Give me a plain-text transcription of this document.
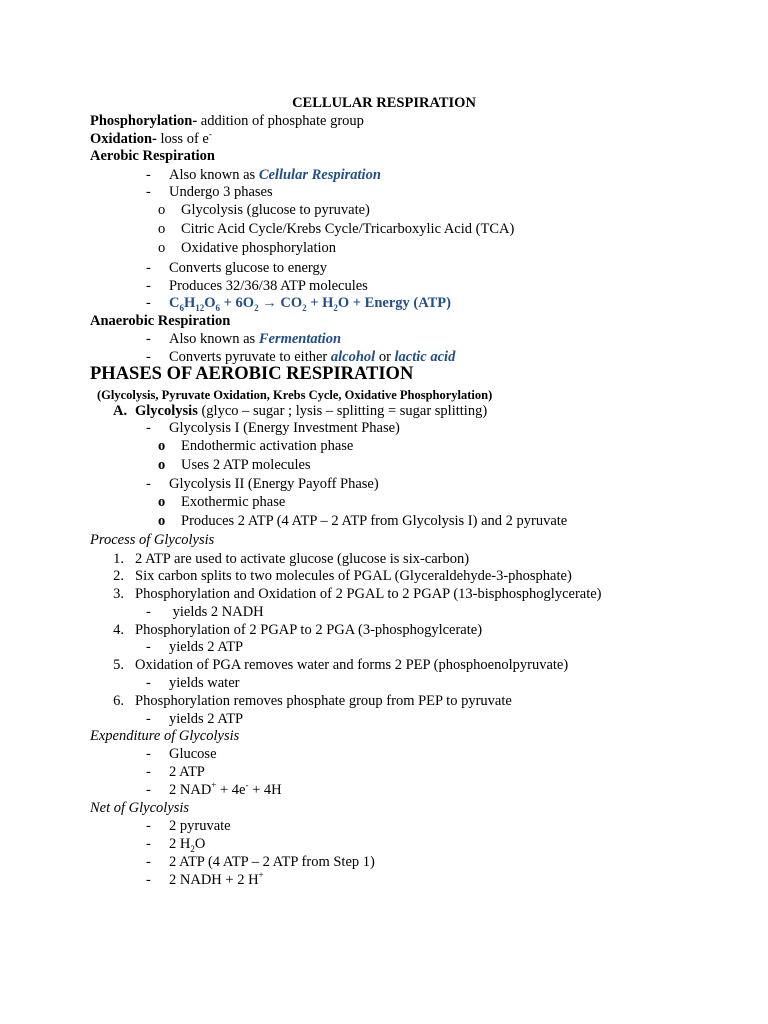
CELLULAR RESPIRATION
Phosphorylation- addition of phosphate group
Oxidation- loss of e-
Aerobic Respiration
- Also known as Cellular Respiration
- Undergo 3 phases
o Glycolysis (glucose to pyruvate)
o Citric Acid Cycle/Krebs Cycle/Tricarboxylic Acid (TCA)
o Oxidative phosphorylation
- Converts glucose to energy
- Produces 32/36/38 ATP molecules
- $C_6H_{12}O_6 + 6O_2 \to CO_2 + H_2O$ + Energy (ATP)
Anaerobic Respiration
- Also known as Fermentation
- Converts pyruvate to either alcohol or lactic acid
PHASES OF AEROBIC RESPIRATION
(Glycolysis, Pyruvate Oxidation, Krebs Cycle, Oxidative Phosphorylation)
A. Glycolysis (glyco – sugar ; lysis – splitting = sugar splitting)
- Glycolysis I (Energy Investment Phase)
o Endothermic activation phase
o Uses 2 ATP molecules
- Glycolysis II (Energy Payoff Phase)
o Exothermic phase
o Produces 2 ATP (4 ATP – 2 ATP from Glycolysis I) and 2 pyruvate
Process of Glycolysis
1. 2 ATP are used to activate glucose (glucose is six-carbon)
2. Six carbon splits to two molecules of PGAL (Glyceraldehyde-3-phosphate)
3. Phosphorylation and Oxidation of 2 PGAL to 2 PGAP (13-bisphosphoglycerate)
- yields 2 NADH
4. Phosphorylation of 2 PGAP to 2 PGA (3-phosphogylcerate)
- yields 2 ATP
5. Oxidation of PGA removes water and forms 2 PEP (phosphoenolpyruvate)
- yields water
6. Phosphorylation removes phosphate group from PEP to pyruvate
- yields 2 ATP
Expenditure of Glycolysis
- Glucose
- 2 ATP
- 2 NAD+ + 4e- + 4H
Net of Glycolysis
- 2 pyruvate
- 2 $H_2O$
- 2 ATP (4 ATP – 2 ATP from Step 1)
- 2 NADH + 2 H+
